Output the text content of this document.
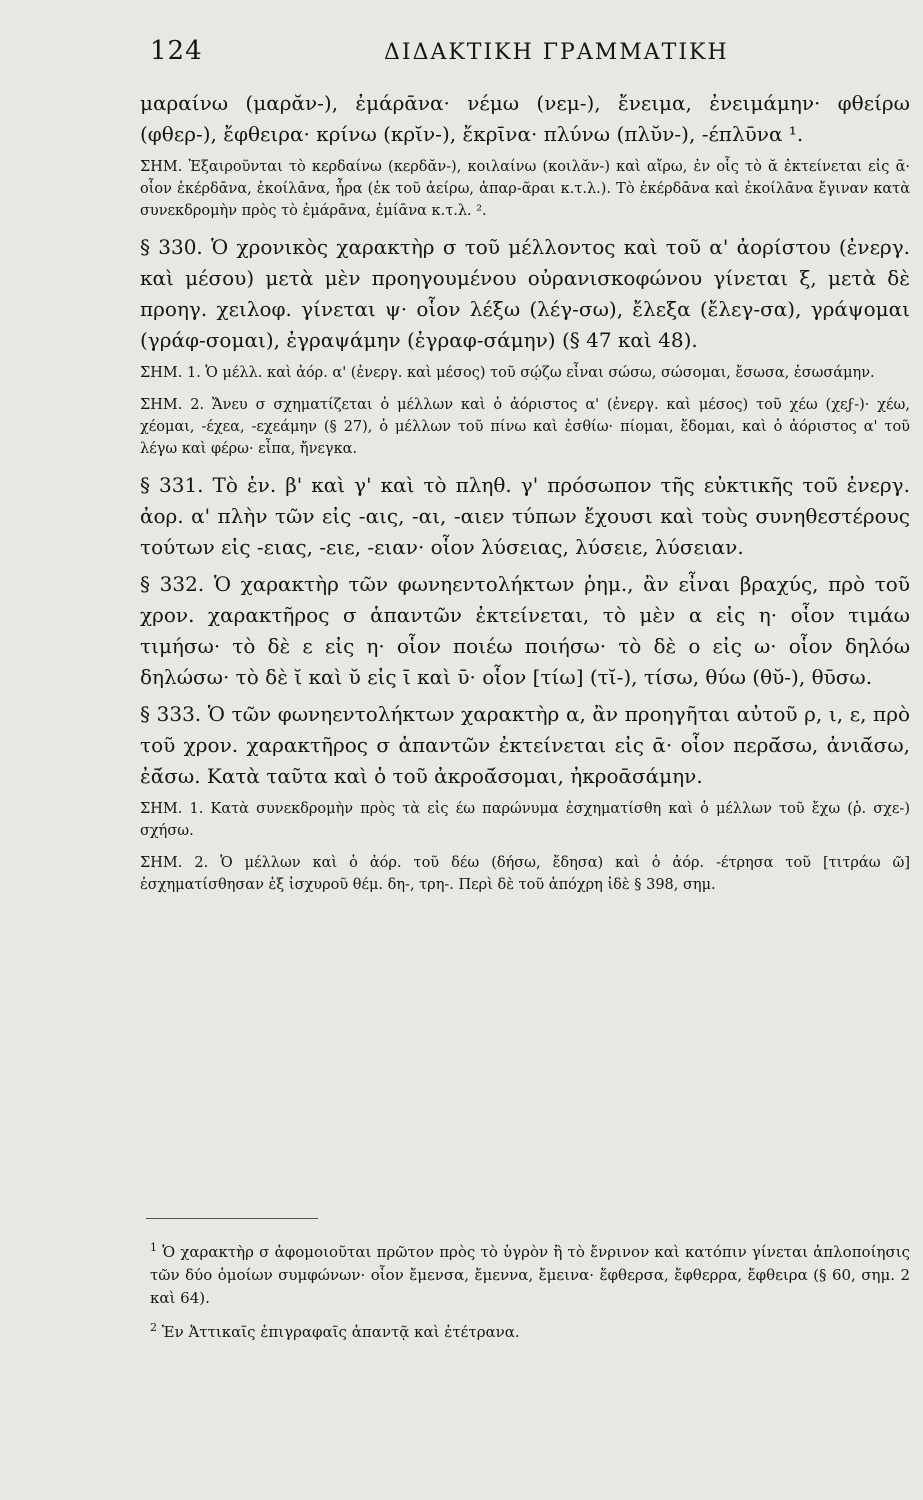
124	ΔΙΔΑΚΤΙΚΗ ΓΡΑΜΜΑΤΙΚΗ

μαραίνω (μαρᾰν-), ἐμάρᾱνα· νέμω (νεμ-), ἔνειμα, ἐνειμάμην· φθείρω (φθερ-), ἔφθειρα· κρίνω (κρῐν-), ἔκρῑνα· πλύνω (πλῠν-), -έπλῡνα ¹.

ΣΗΜ. Ἐξαιροῦνται τὸ κερδαίνω (κερδᾰν-), κοιλαίνω (κοιλᾰν-) καὶ αἴρω, ἐν οἷς τὸ ᾰ ἐκτείνεται εἰς ᾱ· οἷον ἐκέρδᾱνα, ἐκοίλᾱνα, ἦρα (ἐκ τοῦ ἀείρω, ἀπαρ-ᾶραι κ.τ.λ.). Τὸ ἐκέρδᾱνα καὶ ἐκοίλᾱνα ἔγιναν κατὰ συνεκδρομὴν πρὸς τὸ ἐμάρᾱνα, ἐμίᾱνα κ.τ.λ. ².

§ 330. Ὁ χρονικὸς χαρακτὴρ σ τοῦ μέλλοντος καὶ τοῦ α' ἀορίστου (ἐνεργ. καὶ μέσου) μετὰ μὲν προηγουμένου οὐρανισκοφώνου γίνεται ξ, μετὰ δὲ προηγ. χειλοφ. γίνεται ψ· οἷον λέξω (λέγ-σω), ἔλεξα (ἔλεγ-σα), γράψομαι (γράφ-σομαι), ἐγραψάμην (ἐγραφ-σάμην) (§ 47 καὶ 48).

ΣΗΜ. 1. Ὁ μέλλ. καὶ ἀόρ. α' (ἐνεργ. καὶ μέσος) τοῦ σῴζω εἶναι σώσω, σώσομαι, ἔσωσα, ἐσωσάμην.

ΣΗΜ. 2. Ἄνευ σ σχηματίζεται ὁ μέλλων καὶ ὁ ἀόριστος α' (ἐνεργ. καὶ μέσος) τοῦ χέω (χεϝ-)· χέω, χέομαι, -έχεα, -εχεάμην (§ 27), ὁ μέλλων τοῦ πίνω καὶ ἐσθίω· πίομαι, ἔδομαι, καὶ ὁ ἀόριστος α' τοῦ λέγω καὶ φέρω· εἶπα, ἤνεγκα.

§ 331. Τὸ ἑν. β' καὶ γ' καὶ τὸ πληθ. γ' πρόσωπον τῆς εὐκτικῆς τοῦ ἐνεργ. ἀορ. α' πλὴν τῶν εἰς -αις, -αι, -αιεν τύπων ἔχουσι καὶ τοὺς συνηθεστέρους τούτων εἰς -ειας, -ειε, -ειαν· οἷον λύσειας, λύσειε, λύσειαν.

§ 332. Ὁ χαρακτὴρ τῶν φωνηεντολήκτων ῥημ., ἂν εἶναι βραχύς, πρὸ τοῦ χρον. χαρακτῆρος σ ἁπαντῶν ἐκτείνεται, τὸ μὲν α εἰς η· οἷον τιμάω τιμήσω· τὸ δὲ ε εἰς η· οἷον ποιέω ποιήσω· τὸ δὲ ο εἰς ω· οἷον δηλόω δηλώσω· τὸ δὲ ῐ καὶ ῠ εἰς ῑ καὶ ῡ· οἷον [τίω] (τῐ-), τίσω, θύω (θῠ-), θῡσω.

§ 333. Ὁ τῶν φωνηεντολήκτων χαρακτὴρ α, ἂν προηγῆται αὐτοῦ ρ, ι, ε, πρὸ τοῦ χρον. χαρακτῆρος σ ἁπαντῶν ἐκτείνεται εἰς ᾱ· οἷον περᾱ́σω, ἀνιᾱ́σω, ἐᾱ́σω. Κατὰ ταῦτα καὶ ὁ τοῦ ἀκροᾱ́σομαι, ἠκροᾱσάμην.

ΣΗΜ. 1. Κατὰ συνεκδρομὴν πρὸς τὰ εἰς έω παρώνυμα ἐσχηματίσθη καὶ ὁ μέλλων τοῦ ἔχω (ῥ. σχε-) σχήσω.

ΣΗΜ. 2. Ὁ μέλλων καὶ ὁ ἀόρ. τοῦ δέω (δήσω, ἔδησα) καὶ ὁ ἀόρ. -έτρησα τοῦ [τιτράω ῶ] ἐσχηματίσθησαν ἐξ ἰσχυροῦ θέμ. δη-, τρη-. Περὶ δὲ τοῦ ἀπόχρη ἰδὲ § 398, σημ.

$^1$ Ὁ χαρακτὴρ σ ἀφομοιοῦται πρῶτον πρὸς τὸ ὑγρὸν ἢ τὸ ἔνρινον καὶ κατόπιν γίνεται ἁπλοποίησις τῶν δύο ὁμοίων συμφώνων· οἷον ἔμενσα, ἔμεννα, ἔμεινα· ἔφθερσα, ἔφθερρα, ἔφθειρα (§ 60, σημ. 2 καὶ 64).

$^2$ Ἐν Ἀττικαῖς ἐπιγραφαῖς ἁπαντᾷ καὶ ἐτέτρανα.
